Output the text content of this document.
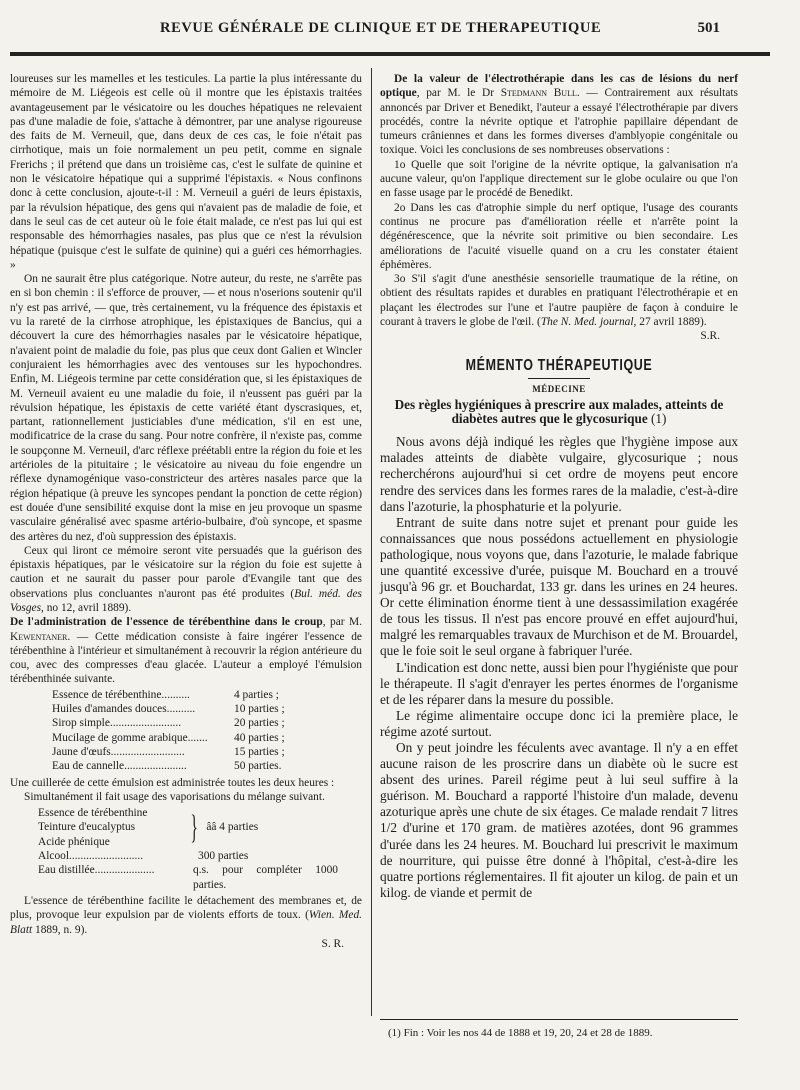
REVUE GÉNÉRALE DE CLINIQUE ET DE THERAPEUTIQUE	501

loureuses sur les mamelles et les testicules. La partie la plus intéressante du mémoire de M. Liégeois est celle où il montre que les épistaxis traitées avantageusement par le vésicatoire ou les douches hépatiques ne relevaient pas d'une maladie de foie, s'attache à démontrer, par une analyse rigoureuse des faits de M. Verneuil, que, dans deux de ces cas, le foie n'était pas cirrhotique, mais un foie normalement un peu petit, comme en signale Frerichs ; il prétend que dans un troisième cas, c'est le sulfate de quinine et non le vésicatoire hépatique qui a supprimé l'épistaxis. « Nous confinons donc à cette conclusion, ajoute-t-il : M. Verneuil a guéri de leurs épistaxis, par la révulsion hépatique, des gens qui n'avaient pas de maladie de foie, et dans le seul cas de cet auteur où le foie était malade, ce n'est pas lui qui est responsable des hémorrhagies nasales, pas plus que ce n'est la révulsion hépatique (puisque c'est le sulfate de quinine) qui a guéri ces hémorrhagies. »

On ne saurait être plus catégorique. Notre auteur, du reste, ne s'arrête pas en si bon chemin : il s'efforce de prouver, — et nous n'oserions soutenir qu'il n'y est pas arrivé, — que, très certainement, vu la fréquence des épistaxis et vu la rareté de la cirrhose atrophique, les épistaxiques de Bancius, qui a découvert la cure des hémorrhagies nasales par le vésicatoire hépatique, n'avaient point de maladie du foie, pas plus que ceux dont Galien et Wincler conjuraient les hémorrhagies avec des ventouses sur les hypochondres. Enfin, M. Liégeois termine par cette considération que, si les épistaxiques de M. Verneuil avaient eu une maladie du foie, il n'eussent pas guéri par la révulsion hépatique, les épistaxis de cette variété étant dyscrasiques, et, partant, rationnellement justiciables d'une médication, s'il en est une, modificatrice de la crase du sang. Pour notre confrère, il n'existe pas, comme le soupçonne M. Verneuil, d'arc réflexe préétabli entre la région du foie et les artérioles de la pituitaire ; le vésicatoire au niveau du foie engendre un réflexe dynamogénique vaso-constricteur des artères nasales parce que la région hépatique (à preuve les syncopes pendant la ponction de cette région) est douée d'une sensibilité exquise dont la mise en jeu provoque un spasme vasculaire généralisé avec spasme artério-bulbaire, d'où syncope, et spasme des artères du nez, d'où suppression des épistaxis.

Ceux qui liront ce mémoire seront vite persuadés que la guérison des épistaxis hépatiques, par le vésicatoire sur la région du foie est sujette à caution et ne saurait du passer pour parole d'Evangile tant que des observations plus concluantes n'auront pas été produites (Bul. méd. des Vosges, no 12, avril 1889).

De l'administration de l'essence de térébenthine dans le croup, par M. Kewentaner. — Cette médication consiste à faire ingérer l'essence de térébenthine à l'intérieur et simultanément à recouvrir la région antérieure du cou, avec des compresses d'eau glacée. L'auteur a employé l'émulsion térébenthinée suivante.

Essence de térébenthine..........	4 parties ;
Huiles d'amandes douces..........	10 parties ;
Sirop simple.........................	20 parties ;
Mucilage de gomme arabique....... 40 parties ;
Jaune d'œufs..........................	15 parties ;
Eau de cannelle......................	50 parties.

Une cuillerée de cette émulsion est administrée toutes les deux heures :

Simultanément il fait usage des vaporisations du mélange suivant.

Essence de térébenthine
Teinture d'eucalyptus
Acide phénique	} ââ 4 parties
Alcool..........................	300 parties
Eau distillée.....................	q.s. pour compléter 1000 parties.

L'essence de térébenthine facilite le détachement des membranes et, de plus, provoque leur expulsion par de violents efforts de toux. (Wien. Med. Blatt 1889, n. 9).

S. R.

De la valeur de l'électrothérapie dans les cas de lésions du nerf optique, par M. le Dr Stedmann Bull. — Contrairement aux résultats annoncés par Driver et Benedikt, l'auteur a essayé l'électrothérapie par divers procédés, contre la névrite optique et l'atrophie papillaire dépendant de tumeurs crâniennes et dans les formes diverses d'amblyopie congénitale ou toxique. Voici les conclusions de ses nombreuses observations :

1o Quelle que soit l'origine de la névrite optique, la galvanisation n'a aucune valeur, qu'on l'applique directement sur le globe oculaire ou que l'on en fasse usage par le procédé de Benedikt.

2o Dans les cas d'atrophie simple du nerf optique, l'usage des courants continus ne procure pas d'amélioration réelle et n'arrête point la dégénérescence, que la névrite soit primitive ou bien secondaire. Les améliorations de l'acuité visuelle quand on a cru les constater étaient éphémères.

3o S'il s'agit d'une anesthésie sensorielle traumatique de la rétine, on obtient des résultats rapides et durables en pratiquant l'électrothérapie et en plaçant les électrodes sur l'une et l'autre paupière de façon à conduire le courant à travers le globe de l'œil. (The N. Med. journal, 27 avril 1889).

S.R.
MÉMENTO THÉRAPEUTIQUE
MÉDECINE
Des règles hygiéniques à prescrire aux malades, atteints de diabètes autres que le glycosurique (1)

Nous avons déjà indiqué les règles que l'hygiène impose aux malades atteints de diabète vulgaire, glycosurique ; nous recherchérons aujourd'hui si cet ordre de moyens peut encore rendre des services dans les formes rares de la maladie, c'est-à-dire dans l'azoturie, la phosphaturie et la polyurie.

Entrant de suite dans notre sujet et prenant pour guide les connaissances que nous possédons actuellement en physiologie pathologique, nous voyons que, dans l'azoturie, le malade fabrique une quantité excessive d'urée, puisque M. Bouchard en a trouvé jusqu'à 96 gr. et Bouchardat, 133 gr. dans les urines en 24 heures. Or cette élimination énorme tient à une dessassimilation exagérée de tous les tissus. Il n'est pas encore prouvé en effet aujourd'hui, malgré les remarquables travaux de Murchison et de M. Brouardel, que le foie soit le seul organe à fabriquer l'urée.

L'indication est donc nette, aussi bien pour l'hygiéniste que pour le thérapeute. Il s'agit d'enrayer les pertes énormes de l'organisme et de les réparer dans la mesure du possible.

Le régime alimentaire occupe donc ici la première place, le régime azoté surtout.

On y peut joindre les féculents avec avantage. Il n'y a en effet aucune raison de les proscrire dans un diabète où le sucre est absent des urines. Pareil régime peut à lui seul suffire à la guérison. M. Bouchard a rapporté l'histoire d'un malade, devenu azoturique après une chute de six étages. Ce malade rendait 7 litres 1/2 d'urine et 170 gram. de matières azotées, dont 96 grammes d'urée dans les 24 heures. M. Bouchard lui prescrivit le maximum de nourriture, qui puisse être donné à l'hôpital, c'est-à-dire les quatre portions réglementaires. Il fit ajouter un kilog. de pain et un kilog. de viande et permit de

(1) Fin : Voir les nos 44 de 1888 et 19, 20, 24 et 28 de 1889.
